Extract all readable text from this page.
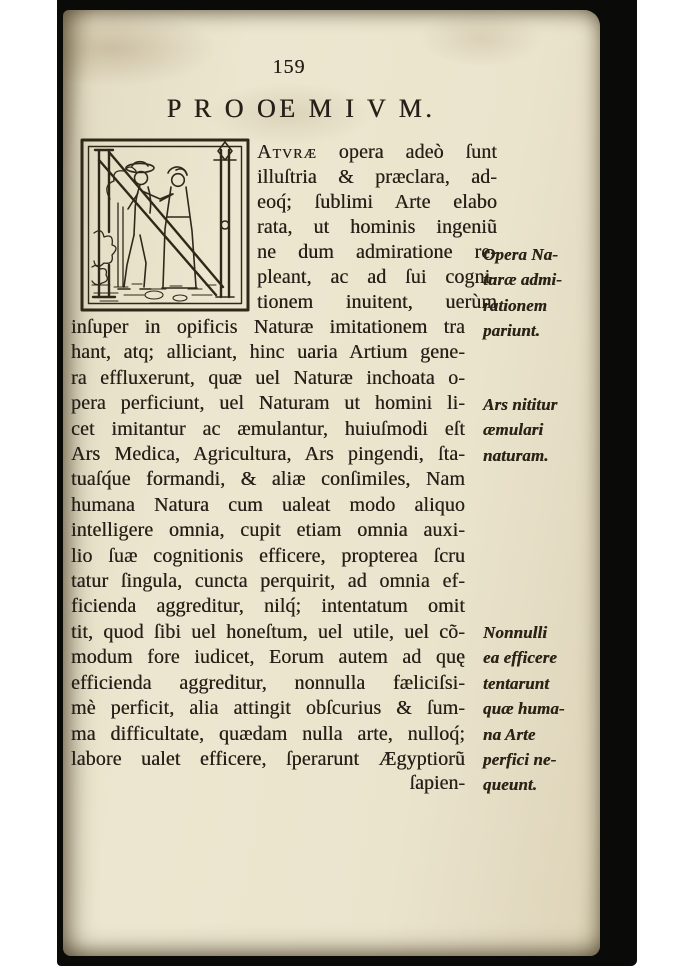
159
P R O OE M I V M.
Atvræ opera adeò ſunt
illuſtria & præclara, ad-
eoq́; ſublimi Arte elabo
rata, ut hominis ingeniũ
ne dum admiratione re-
pleant, ac ad ſui cogni-
tionem inuitent, uerùm
inſuper in opificis Naturæ imitationem tra
hant, atq; alliciant, hinc uaria Artium gene-
ra effluxerunt, quæ uel Naturæ inchoata o-
pera perficiunt, uel Naturam ut homini li-
cet imitantur ac æmulantur, huiuſmodi eſt
Ars Medica, Agricultura, Ars pingendi, ſta-
tuaſq́ue formandi, & aliæ conſimiles, Nam
humana Natura cum ualeat modo aliquo
intelligere omnia, cupit etiam omnia auxi-
lio ſuæ cognitionis efficere, propterea ſcru
tatur ſingula, cuncta perquirit, ad omnia ef-
ficienda aggreditur, nilq́; intentatum omit
tit, quod ſibi uel honeſtum, uel utile, uel cõ-
modum fore iudicet, Eorum autem ad quę
efficienda aggreditur, nonnulla fæliciſsi-
mè perficit, alia attingit obſcurius & ſum-
ma difficultate, quædam nulla arte, nulloq́;
labore ualet efficere, ſperarunt Ægyptiorũ
ſapien-
Opera Na-
turæ admi-
rationem
pariunt.
Ars nititur
æmulari
naturam.
Nonnulli
ea efficere
tentarunt
quæ huma-
na Arte
perfici ne-
queunt.
